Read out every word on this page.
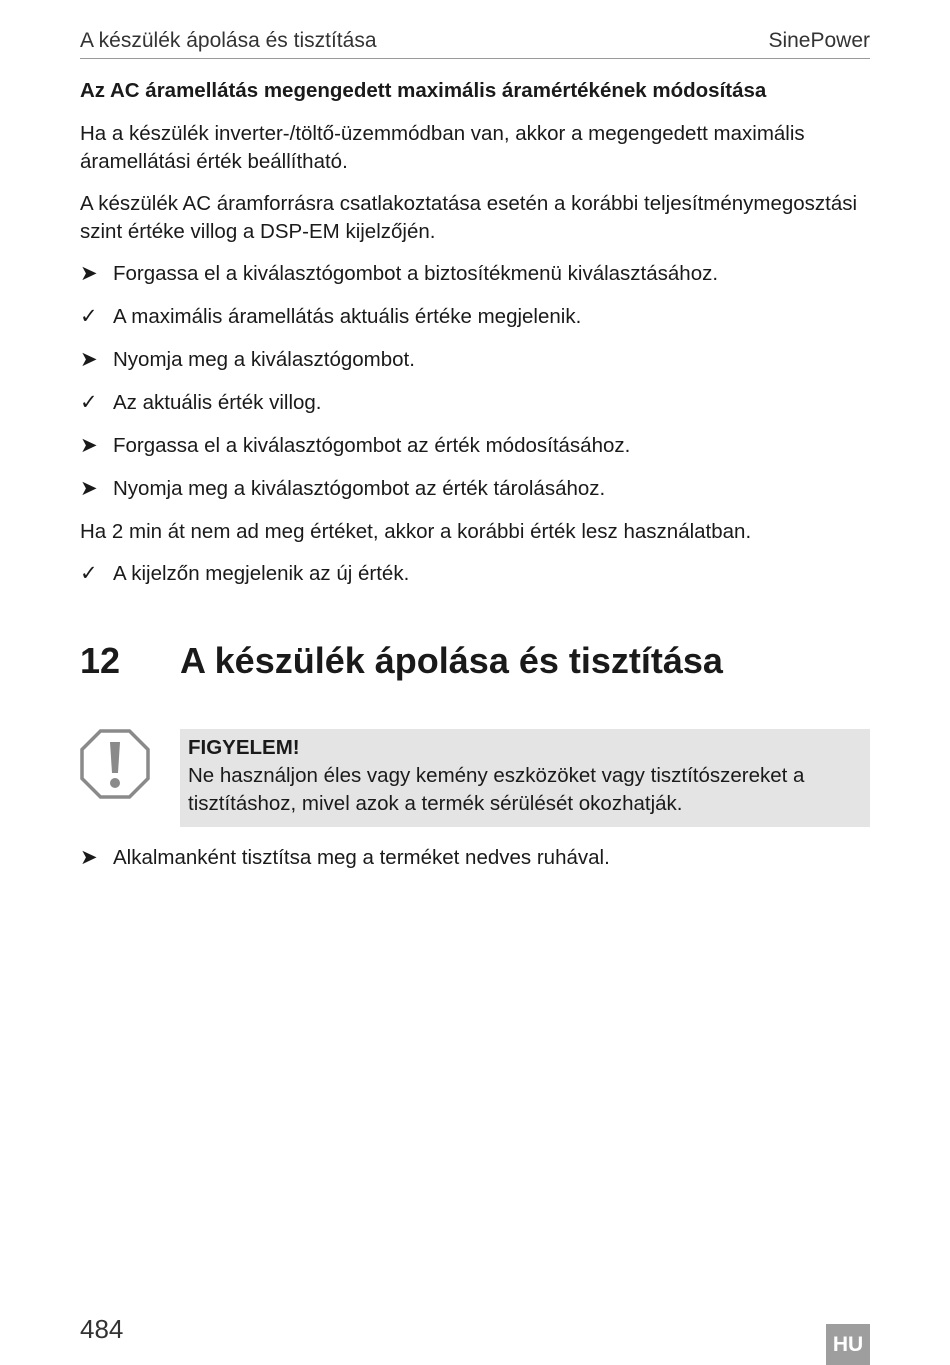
A készülék ápolása és tisztítása	SinePower
Az AC áramellátás megengedett maximális áramértékének módosítása
Ha a készülék inverter-/töltő-üzemmódban van, akkor a megengedett maximális áramellátási érték beállítható.
A készülék AC áramforrásra csatlakoztatása esetén a korábbi teljesítménymegosztási szint értéke villog a DSP-EM kijelzőjén.
➤ Forgassa el a kiválasztógombot a biztosítékmenü kiválasztásához.
✓ A maximális áramellátás aktuális értéke megjelenik.
➤ Nyomja meg a kiválasztógombot.
✓ Az aktuális érték villog.
➤ Forgassa el a kiválasztógombot az érték módosításához.
➤ Nyomja meg a kiválasztógombot az érték tárolásához.
Ha 2 min át nem ad meg értéket, akkor a korábbi érték lesz használatban.
✓ A kijelzőn megjelenik az új érték.
12 A készülék ápolása és tisztítása
FIGYELEM!
Ne használjon éles vagy kemény eszközöket vagy tisztítószereket a tisztításhoz, mivel azok a termék sérülését okozhatják.
➤ Alkalmanként tisztítsa meg a terméket nedves ruhával.
484
HU
